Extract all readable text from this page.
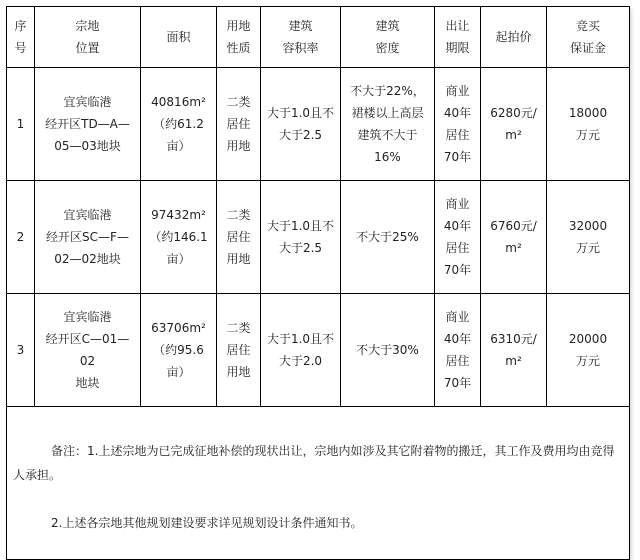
序
号	宗地
位置	面积	用地
性质	建筑
容积率	建筑
密度	出让
期限	起拍价	竞买
保证金
1	宜宾临港
经开区TD—A—
05—03地块	40816m²
（约61.2
亩）	二类
居住
用地	大于1.0且不
大于2.5	不大于22%，
裙楼以上高层
建筑不大于
16%	商业
40年
居住
70年	6280元/
m²	18000
万元
2	宜宾临港
经开区SC—F—
02—02地块	97432m²
（约146.1
亩）	二类
居住
用地	大于1.0且不
大于2.5	不大于25%	商业
40年
居住
70年	6760元/
m²	32000
万元
3	宜宾临港
经开区C—01—
02
地块	63706m²
（约95.6
亩）	二类
居住
用地	大于1.0且不
大于2.0	不大于30%	商业
40年
居住
70年	6310元/
m²	20000
万元

备注：1.上述宗地为已完成征地补偿的现状出让，宗地内如涉及其它附着物的搬迁，其工作及费用均由竞得人承担。

2.上述各宗地其他规划建设要求详见规划设计条件通知书。								
